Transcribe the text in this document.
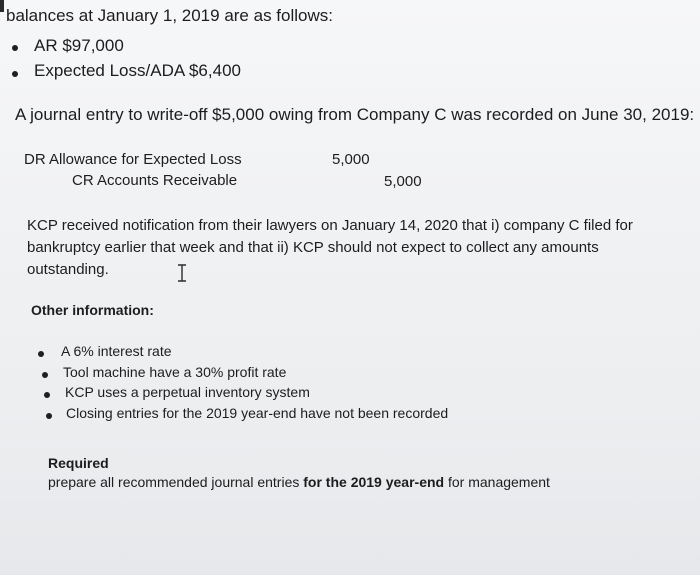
balances at January 1, 2019 are as follows:
AR $97,000
Expected Loss/ADA $6,400
A journal entry to write-off $5,000 owing from Company C was recorded on June 30, 2019:
DR Allowance for Expected Loss	5,000
CR Accounts Receivable	5,000
KCP received notification from their lawyers on January 14, 2020 that i) company C filed for
bankruptcy earlier that week and that ii) KCP should not expect to collect any amounts
outstanding.
Other information:
A 6% interest rate
Tool machine have a 30% profit rate
KCP uses a perpetual inventory system
Closing entries for the 2019 year-end have not been recorded
Required
prepare all recommended journal entries for the 2019 year-end for management
